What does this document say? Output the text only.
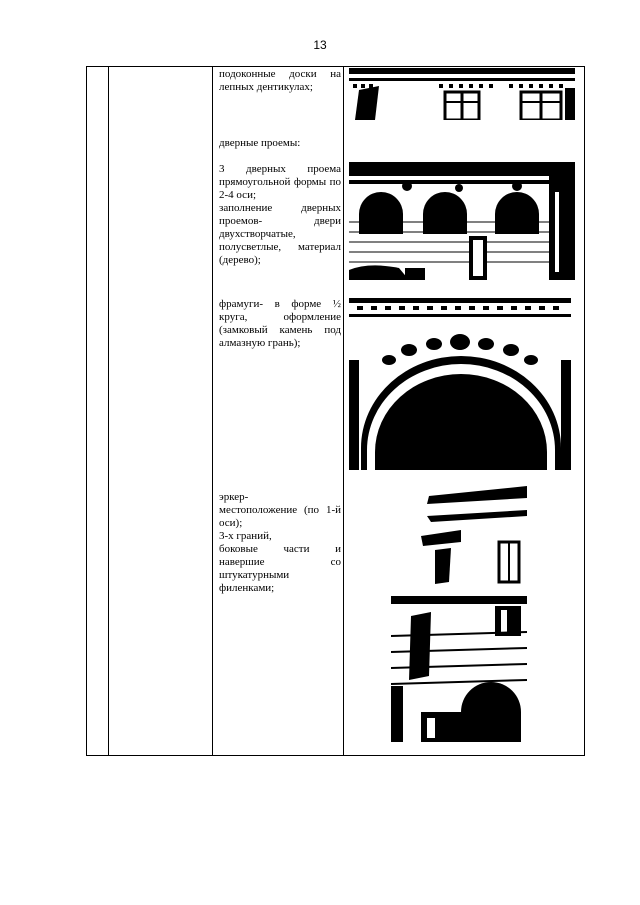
13

подоконные доски на лепных дентикулах;

дверные проемы:

3 дверных проема прямоугольной формы по 2-4 оси;

заполнение дверных проемов- двери двухстворчатые, полусветлые, материал (дерево);

фрамуги- в форме ½ круга, оформление (замковый камень под алмазную грань);

эркер-

местоположение (по 1-й оси);

3-х граний,

боковые части и навершие со штукатурными филенками;
